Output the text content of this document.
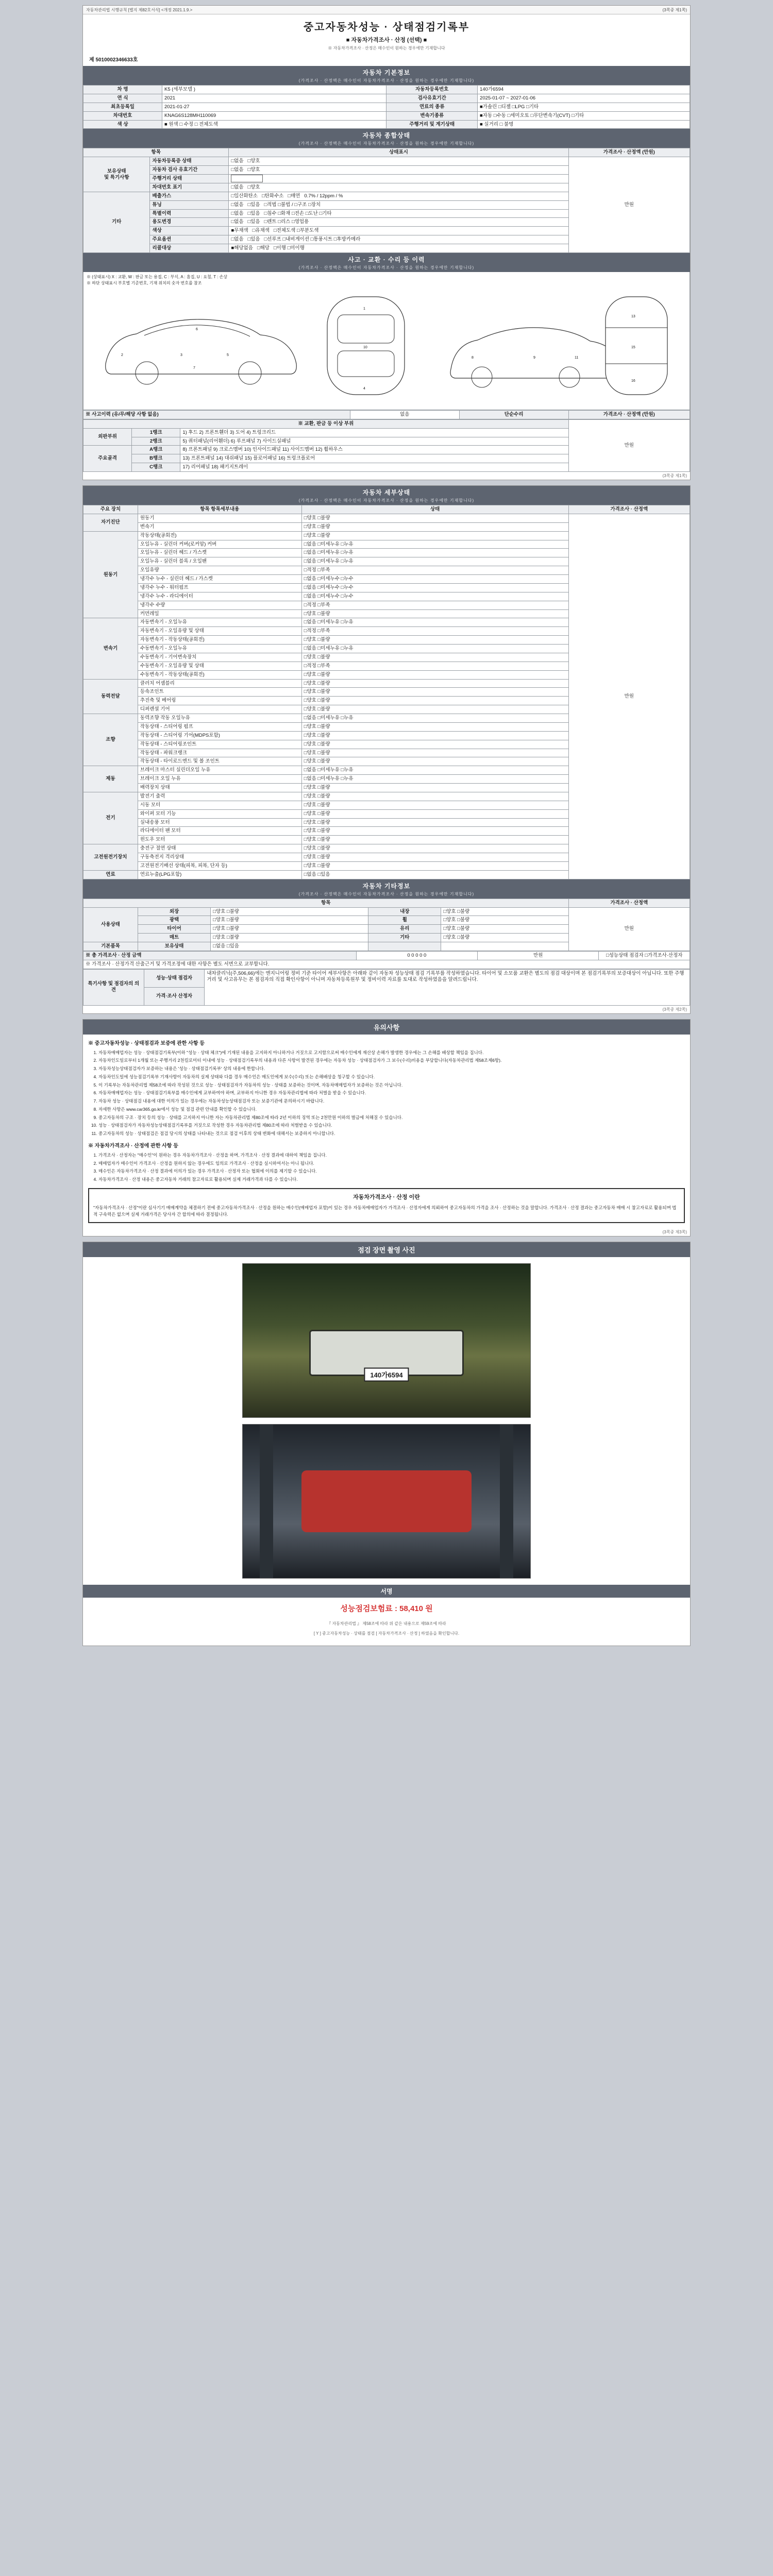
자동차관리법 시행규칙 [별지 제82호서식] <개정 2021.1.9.>	(3쪽중 제1쪽)
중고자동차성능 · 상태점검기록부
■ 자동차가격조사 · 산정 (선택) ■
※ 자동차가격조사 · 산정은 매수인이 원하는 경우에만 기재합니다
제 5010002346633호
자동차 기본정보
(가격조사 · 산정액은 매수인이 자동차가격조사 · 산정을 원하는 경우에만 기재합니다)
차 명	K5 (세부모델 )	자동차등록번호	140가6594
연 식	2021	검사유효기간	2025-01-07 ~ 2027-01-06
최초등록일	2021-01-27	연료의 종류	■가솔린 □디젤 □LPG □기타
차대번호	KNAG6S128MH110069	변속기종류	■자동 □수동 □세미오토 □무단변속기(CVT) □기타
색 상	■ 원색 □ 수정 □ 전체도색	주행거리 및 계기상태	■ 실거리 □ 불명
자동차 종합상태
(가격조사 · 산정액은 매수인이 자동차가격조사 · 산정을 원하는 경우에만 기재합니다)
항목		상태표시	가격조사 · 산정액 (만원)
보유상태
및 특기사항	자동차등록증 상태	□없음 □양호	만원
	자동차 검사 유효기간	□없음 □양호	
	주행거리 상태		
	차대번호 표기	□없음 □양호	
기타	배출가스	□일산화탄소 □탄화수소 □매연 0.7% / 12ppm / %	
	튜닝	□없음 □있음 □적법 □불법 / □구조 □장치	
	특별이력	□없음 □있음 □침수 □화재 □전손 □도난 □기타	
	용도변경	□없음 □있음 □렌트 □리스 □영업용	
	색상	■무채색 □유채색 □전체도색 □부분도색	
	주요옵션	□없음 □있음 □선루프 □내비게이션 □통풍시트 □후방카메라	
	리콜대상	■해당없음 □해당 □이행 □미이행	
사고 · 교환 · 수리 등 이력
(가격조사 · 산정액은 매수인이 자동차가격조사 · 산정을 원하는 경우에만 기재합니다)
※ (상태표시) X : 교환, W : 판금 또는 용접, C : 부식, A : 흠집, U : 요철, T : 손상
※ 하단 상태표시 부호별 기준번호, 기재 위치의 숫자 번호를 참조
2	3	5
6
7
1
4
10
8	9	11
13
15
16
※ 사고이력 (유/무/해당 사항 없음)	없음	단순수리	가격조사 · 산정액 (만원)
※ 교환, 판금 등 이상 부위			만원
외판부위	1랭크	1) 후드 2) 프론트휀더 3) 도어 4) 트렁크리드	
	2랭크	5) 쿼터패널(리어휀더) 6) 루프패널 7) 사이드실패널	
주요골격	A랭크	8) 프론트패널 9) 크로스멤버 10) 인사이드패널 11) 사이드멤버 12) 휠하우스	
	B랭크	13) 프론트패널 14) 대쉬패널 15) 플로어패널 16) 트렁크플로어	
	C랭크	17) 리어패널 18) 패키지트레이	
(3쪽중 제1쪽)
자동차 세부상태
(가격조사 · 산정액은 매수인이 자동차가격조사 · 산정을 원하는 경우에만 기재합니다)
주요 장치	항목 항목세부내용	상태	가격조사 · 산정액
자기진단	원동기	□양호 □불량	만원
	변속기	□양호 □불량	
원동기	작동상태(공회전)	□양호 □불량	
	오일누유 - 실린더 커버(로커암) 커버	□없음 □미세누유 □누유	
	오일누유 - 실린더 헤드 / 가스켓	□없음 □미세누유 □누유	
	오일누유 - 실린더 블록 / 오일팬	□없음 □미세누유 □누유	
	오일유량	□적정 □부족	
	냉각수 누수 - 실린더 헤드 / 가스켓	□없음 □미세누수 □누수	
	냉각수 누수 - 워터펌프	□없음 □미세누수 □누수	
	냉각수 누수 - 라디에이터	□없음 □미세누수 □누수	
	냉각수 수량	□적정 □부족	
	커먼레일	□양호 □불량	
변속기	자동변속기 - 오일누유	□없음 □미세누유 □누유	
	자동변속기 - 오일유량 및 상태	□적정 □부족	
	자동변속기 - 작동상태(공회전)	□양호 □불량	
	수동변속기 - 오일누유	□없음 □미세누유 □누유	
	수동변속기 - 기어변속장치	□양호 □불량	
	수동변속기 - 오일유량 및 상태	□적정 □부족	
	수동변속기 - 작동상태(공회전)	□양호 □불량	
동력전달	클러치 어셈블리	□양호 □불량	
	등속조인트	□양호 □불량	
	추진축 및 베어링	□양호 □불량	
	디퍼렌셜 기어	□양호 □불량	
조향	동력조향 작동 오일누유	□없음 □미세누유 □누유	
	작동상태 - 스티어링 펌프	□양호 □불량	
	작동상태 - 스티어링 기어(MDPS포함)	□양호 □불량	
	작동상태 - 스티어링조인트	□양호 □불량	
	작동상태 - 파워크랭크	□양호 □불량	
	작동상태 - 타이로드엔드 및 볼 조인트	□양호 □불량	
제동	브레이크 마스터 실린더오일 누유	□없음 □미세누유 □누유	
	브레이크 오일 누유	□없음 □미세누유 □누유	
	배력장치 상태	□양호 □불량	
전기	발전기 출력	□양호 □불량	
	시동 모터	□양호 □불량	
	와이퍼 모터 기능	□양호 □불량	
	실내송풍 모터	□양호 □불량	
	라디에이터 팬 모터	□양호 □불량	
	윈도우 모터	□양호 □불량	
고전원전기장치	충전구 절연 상태	□양호 □불량	
	구동축전지 격리상태	□양호 □불량	
	고전원전기배선 상태(피복, 피복, 단자 등)	□양호 □불량	
연료	연료누출(LPG포함)	□없음 □있음	
자동차 기타정보
(가격조사 · 산정액은 매수인이 자동차가격조사 · 산정을 원하는 경우에만 기재합니다)
항목					가격조사 · 산정액
사용상태	외장	□양호 □불량	내장	□양호 □불량	만원
	광택	□양호 □불량	휠	□양호 □불량	
	타이어	□양호 □불량	유리	□양호 □불량	
	매트	□양호 □불량	기타	□양호 □불량	
기본품목	보유상태	□없음 □있음			
※ 총 가격조사 · 산정 금액	0 0 0 0 0	만원	□성능상태 점검자 □가격조사·산정자
※ 가격조사 · 산정가격 산출근거 및 가격조정에 대한 사항은 별도 서면으로 교부합니다.
특기사항 및 점검자의 의견	성능·상태 점검자	내차클리닉(주,506,66)에는 엔지니어링 정비 기준 타이어 세부사항은 아래와 같이 자동차 성능상태 점검 기록부를 작성하였습니다. 타이어 및 소모품 교환은 별도의 점검 대상이며 본 점검기록부의 보증대상이 아닙니다. 또한 주행거리 및 사고유무는 본 점검자의 직접 확인사항이 아니며 자동차등록원부 및 정비이력 자료를 토대로 작성하였음을 알려드립니다.
가격·조사 산정자
(3쪽중 제2쪽)
유의사항

※ 중고자동차성능 · 상태점검과 보증에 관한 사항 등

1. 자동차매매업자는 성능 · 상태점검기록부(이하 "성능 · 상태 체크")에 기재된 내용을 고지하지 아니하거나 거짓으로 고지함으로써 매수인에게 재산상 손해가 발생한 경우에는 그 손해를 배상할 책임을 집니다.
2. 자동차인도일로부터 1개월 또는 주행거리 2천킬로미터 이내에 성능 · 상태점검기록부의 내용과 다른 사항이 발견된 경우에는 자동차 성능 · 상태점검자가 그 보수(수리)비용을 부담합니다(자동차관리법 제58조제6항).
3. 자동차성능상태점검자가 보증하는 내용은 '성능 · 상태점검기록부' 상의 내용에 한합니다.
4. 자동차인도일에 성능점검기록부 기재사항이 자동차의 실제 상태와 다를 경우 매수인은 매도인에게 보수(수리) 또는 손해배상을 청구할 수 있습니다.
5. 이 기록부는 자동차관리법 제58조에 따라 작성된 것으로 성능 · 상태점검자가 자동차의 성능 · 상태를 보증하는 것이며, 자동차매매업자가 보증하는 것은 아닙니다.
6. 자동차매매업자는 성능 · 상태점검기록부를 매수인에게 교부하여야 하며, 교부하지 아니한 경우 자동차관리법에 따라 처벌을 받을 수 있습니다.
7. 자동차 성능 · 상태점검 내용에 대한 이의가 있는 경우에는 자동차성능상태점검자 또는 보증기관에 문의하시기 바랍니다.
8. 자세한 사항은 www.car365.go.kr에서 성능 및 점검 관련 안내를 확인할 수 있습니다.
9. 중고자동차의 구조 · 장치 등의 성능 · 상태를 고지하지 아니한 자는 자동차관리법 제80조에 따라 2년 이하의 징역 또는 2천만원 이하의 벌금에 처해질 수 있습니다.
10. 성능 · 상태점검자가 자동차성능상태점검기록부를 거짓으로 작성한 경우 자동차관리법 제80조에 따라 처벌받을 수 있습니다.
11. 중고자동차의 성능 · 상태점검은 점검 당시의 상태를 나타내는 것으로 점검 이후의 상태 변화에 대해서는 보증하지 아니합니다.

※ 자동차가격조사 · 산정에 관한 사항 등

1. 가격조사 · 산정자는 "매수인"이 원하는 경우 자동차가격조사 · 산정을 하며, 가격조사 · 산정 결과에 대하여 책임을 집니다.
2. 매매업자가 매수인이 가격조사 · 산정을 원하지 않는 경우에도 임의로 가격조사 · 산정을 실시하여서는 아니 됩니다.
3. 매수인은 자동차가격조사 · 산정 결과에 이의가 있는 경우 가격조사 · 산정자 또는 협회에 이의를 제기할 수 있습니다.
4. 자동차가격조사 · 산정 내용은 중고자동차 거래의 참고자료로 활용되며 실제 거래가격과 다를 수 있습니다.
자동차가격조사 · 산정 이란
"자동차가격조사 · 산정"이란 심사기기 매매계약을 체결하기 전에 중고자동차가격조사 · 산정을 원하는 매수인(매매업자 포함)이 있는 경우 자동차매매업자가 가격조사 · 산정자에게 의뢰하여 중고자동차의 가격을 조사 · 산정하는 것을 말합니다. 가격조사 · 산정 결과는 중고자동차 매매 시 참고자료로 활용되며 법적 구속력은 없으며 실제 거래가격은 당사자 간 합의에 따라 결정됩니다.
(3쪽중 제3쪽)
점검 장면 촬영 사진
140가6594
서명
성능점검보험료 : 58,410 원
『 자동차관리법 』 제58조에 따라 위 같은 내용으로 제59조에 따라
[ Y ] 중고자동차성능 · 상태를 점검 [ 자동차가격조사 · 산정 ] 하였음을 확인합니다.
